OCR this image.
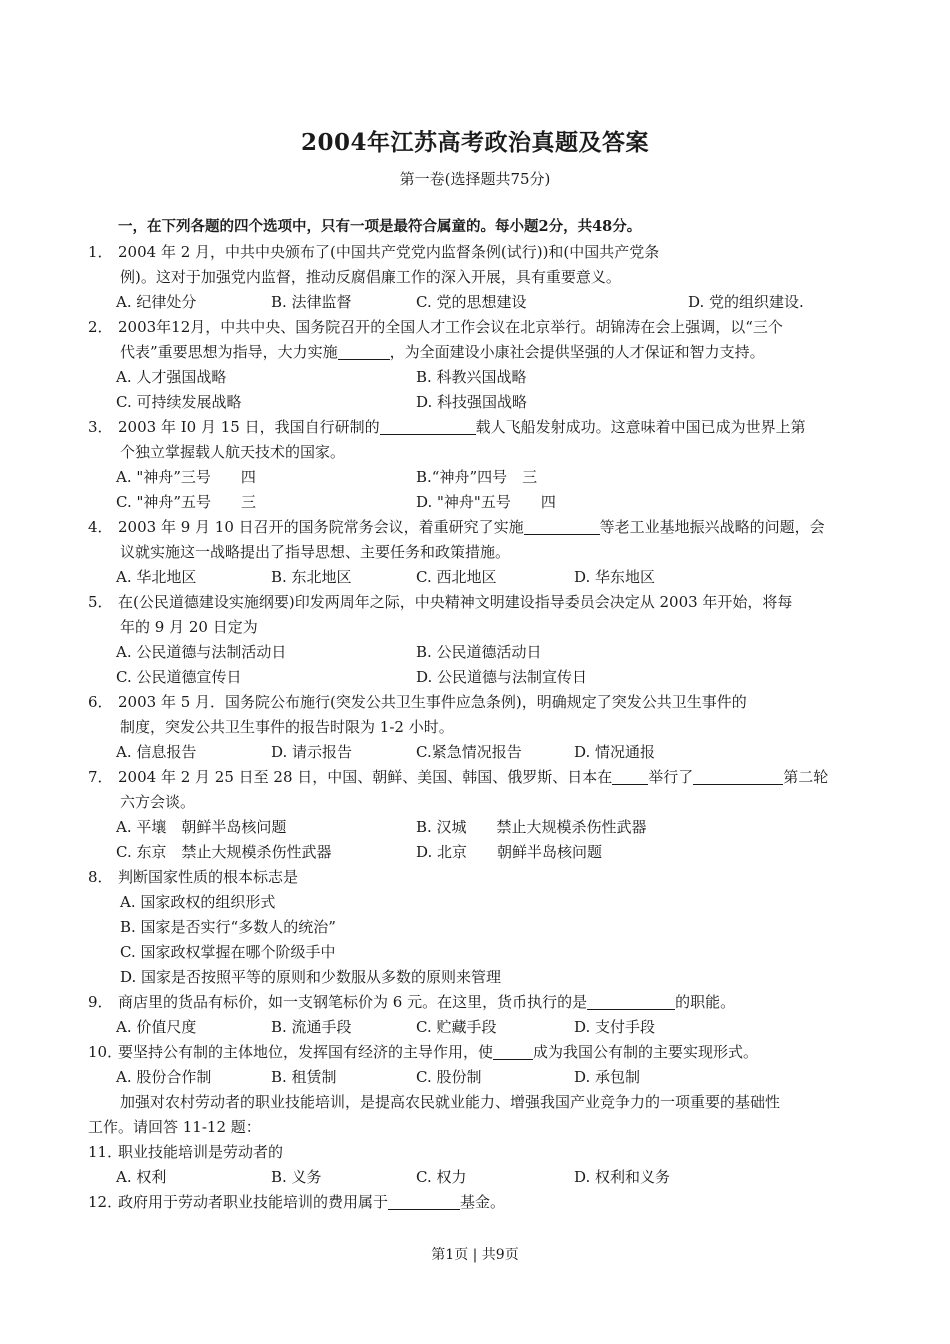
2004年江苏高考政治真题及答案
第一卷(选择题共75分)
一，在下列各题的四个选项中，只有一项是最符合属童的。每小题2分，共48分。
1． 2004 年 2 月，中共中央颁布了(中国共产党党内监督条例(试行))和(中国共产党条
例)。这对于加强党内监督，推动反腐倡廉工作的深入开展，具有重要意义。
A. 纪律处分	B. 法律监督	C. 党的思想建设	D. 党的组织建设.
2． 2003年12月，中共中央、国务院召开的全国人才工作会议在北京举行。胡锦涛在会上强调，以“三个
代表”重要思想为指导，大力实施	，为全面建设小康社会提供坚强的人才保证和智力支持。
A. 人才强国战略	B. 科教兴国战略
C. 可持续发展战略	D. 科技强国战略
3． 2003 年 I0 月 15 日，我国自行研制的	载人飞船发射成功。这意味着中国已成为世界上第
个独立掌握载人航天技术的国家。
A. "神舟”三号　　四	B.“神舟”四号　三
C. "神舟”五号　　三	D. "神舟"五号　　四
4． 2003 年 9 月 10 日召开的国务院常务会议，着重研究了实施	等老工业基地振兴战略的问题，会
议就实施这一战略提出了指导思想、主要任务和政策措施。
A. 华北地区	B. 东北地区	C. 西北地区	D. 华东地区
5． 在(公民道德建设实施纲要)印发两周年之际，中央精神文明建设指导委员会决定从 2003 年开始，将每
年的 9 月 20 日定为
A. 公民道德与法制活动日	B. 公民道德活动日
C. 公民道德宣传日	D. 公民道德与法制宣传日
6． 2003 年 5 月．国务院公布施行(突发公共卫生事件应急条例)，明确规定了突发公共卫生事件的
制度，突发公共卫生事件的报告时限为 1-2 小时。
A. 信息报告	D. 请示报告	C.紧急情况报告	D. 情况通报
7． 2004 年 2 月 25 日至 28 日，中国、朝鲜、美国、韩国、俄罗斯、日本在 举行了	第二轮
六方会谈。
A. 平壤　朝鲜半岛核问题	B. 汉城　　禁止大规模杀伤性武器
C. 东京　禁止大规模杀伤性武器	D. 北京　　朝鲜半岛核问题
8． 判断国家性质的根本标志是
A. 国家政权的组织形式
B. 国家是否实行“多数人的统治”
C. 国家政权掌握在哪个阶级手中
D. 国家是否按照平等的原则和少数服从多数的原则来管理
9． 商店里的货品有标价，如一支钢笔标价为 6 元。在这里，货币执行的是	的职能。
A. 价值尺度	B. 流通手段	C. 贮藏手段	D. 支付手段
10．要坚持公有制的主体地位，发挥国有经济的主导作用，使	成为我国公有制的主要实现形式。
A. 股份合作制	B. 租赁制	C. 股份制	D. 承包制
加强对农村劳动者的职业技能培训，是提高农民就业能力、增强我国产业竞争力的一项重要的基础性
工作。请回答 11-12 题：
11．职业技能培训是劳动者的
A. 权利	B. 义务	C. 权力	D. 权利和义务
12．政府用于劳动者职业技能培训的费用属于	基金。
第1页 | 共9页
